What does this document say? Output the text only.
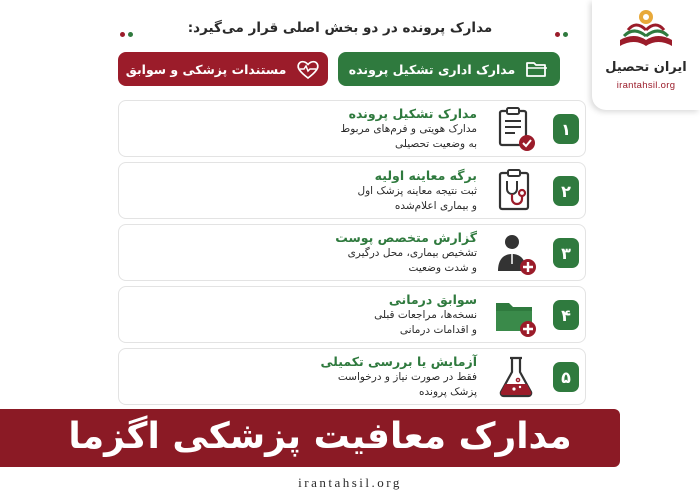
مدارک پرونده در دو بخش اصلی قرار می‌گیرد:
مدارک اداری تشکیل پرونده
مستندات پزشکی و سوابق
۱
مدارک تشکیل پرونده
مدارک هویتی و فرم‌های مربوط
به وضعیت تحصیلی
۲
برگه معاینه اولیه
ثبت نتیجه معاینه پزشک اول
و بیماری اعلام‌شده
۳
گزارش متخصص پوست
تشخیص بیماری، محل درگیری
و شدت وضعیت
۴
سوابق درمانی
نسخه‌ها، مراجعات قبلی
و اقدامات درمانی
۵
آزمایش یا بررسی تکمیلی
فقط در صورت نیاز و درخواست
پزشک پرونده
ایران تحصیل
irantahsil.org
مدارک معافیت پزشکی اگزما
irantahsil.org
